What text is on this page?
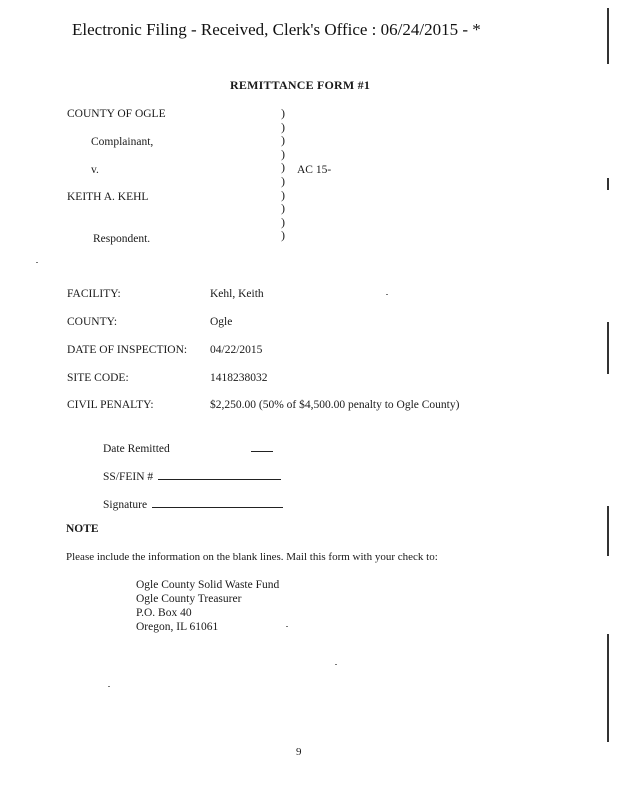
Electronic Filing - Received, Clerk's Office : 06/24/2015 - *
REMITTANCE FORM #1
COUNTY OF OGLE
Complainant,
v.
KEITH A. KEHL
Respondent.
AC 15-
)
)
)
)
)
)
)
)
)
)
FACILITY:	Kehl, Keith
COUNTY:	Ogle
DATE OF INSPECTION: 04/22/2015
SITE CODE:	1418238032
CIVIL PENALTY:	$2,250.00 (50% of $4,500.00 penalty to Ogle County)
Date Remitted
SS/FEIN #
Signature
NOTE
Please include the information on the blank lines. Mail this form with your check to:
Ogle County Solid Waste Fund
Ogle County Treasurer
P.O. Box 40
Oregon, IL 61061
9
